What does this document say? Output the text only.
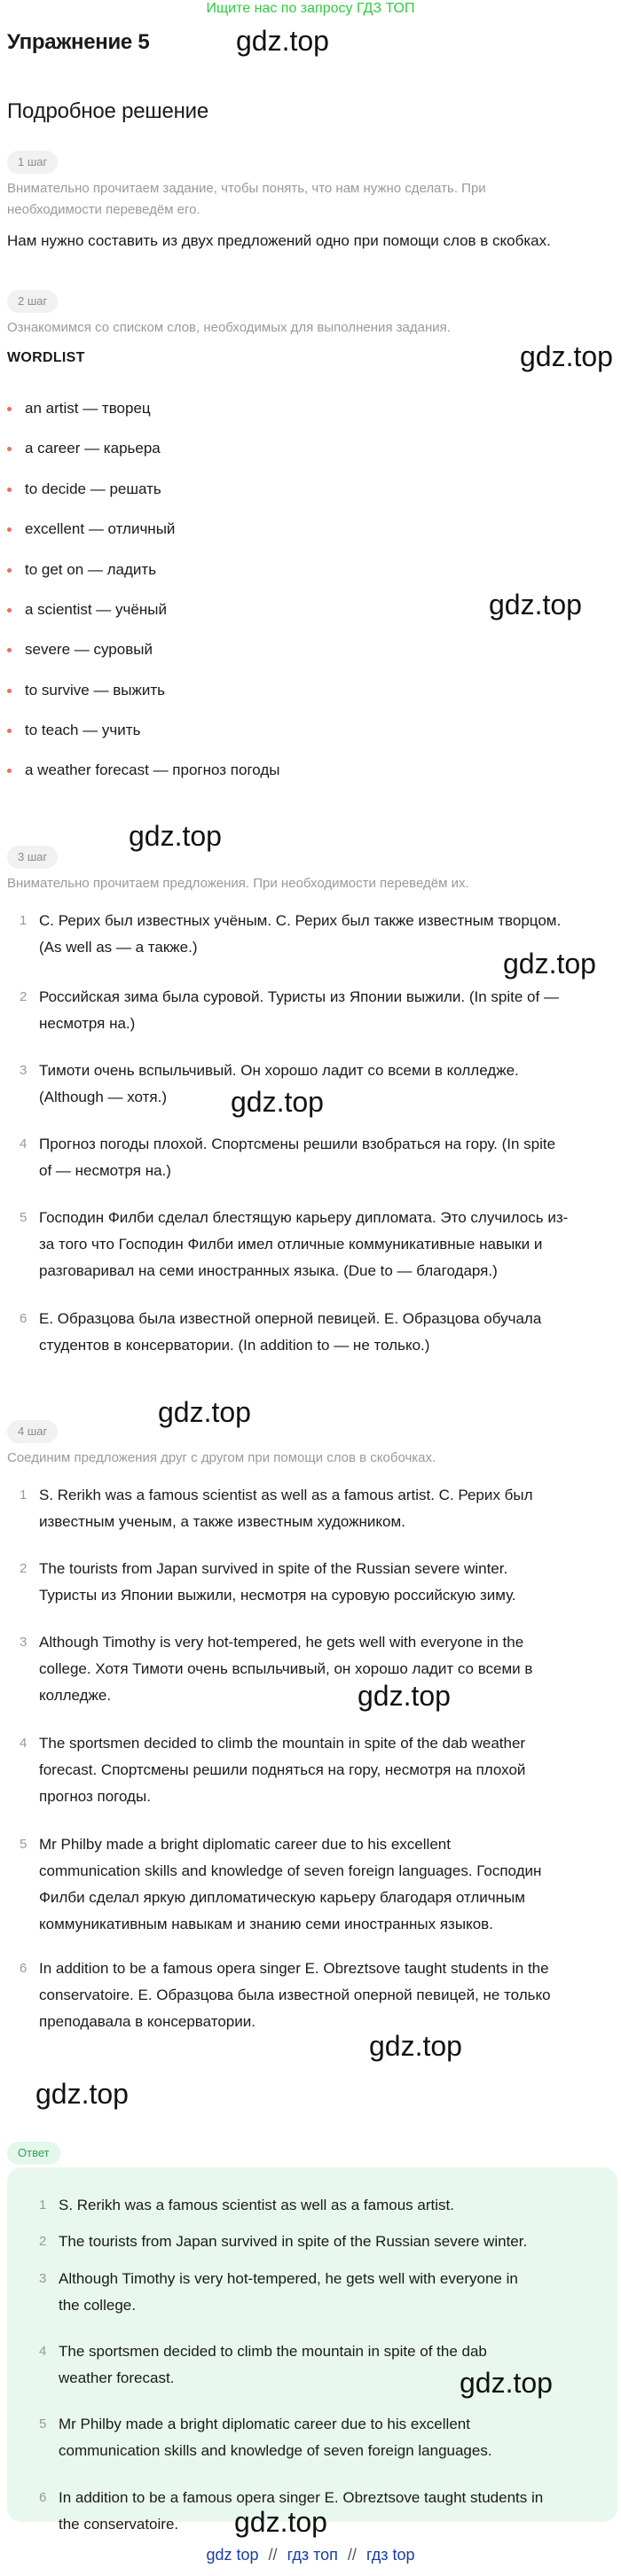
Ищите нас по запросу ГДЗ ТОП
Упражнение 5	gdz.top
Подробное решение
1 шаг
Внимательно прочитаем задание, чтобы понять, что нам нужно сделать. При
необходимости переведём его.
Нам нужно составить из двух предложений одно при помощи слов в скобках.
2 шаг
Ознакомимся со списком слов, необходимых для выполнения задания.
WORDLIST	gdz.top
an artist — творец
a career — карьера
to decide — решать
excellent — отличный
to get on — ладить
a scientist — учёный	gdz.top
severe — суровый
to survive — выжить
to teach — учить
a weather forecast — прогноз погоды
gdz.top
3 шаг
Внимательно прочитаем предложения. При необходимости переведём их.
1 С. Рерих был известных учёным. С. Рерих был также известным творцом.
(As well as — а также.)
gdz.top
2 Российская зима была суровой. Туристы из Японии выжили. (In spite of —
несмотря на.)
3 Тимоти очень вспыльчивый. Он хорошо ладит со всеми в колледже.
(Although — хотя.)	gdz.top
4 Прогноз погоды плохой. Спортсмены решили взобраться на гору. (In spite
of — несмотря на.)
5 Господин Филби сделал блестящую карьеру дипломата. Это случилось из-
за того что Господин Филби имел отличные коммуникативные навыки и
разговаривал на семи иностранных языка. (Due to — благодаря.)
6 Е. Образцова была известной оперной певицей. Е. Образцова обучала
студентов в консерватории. (In addition to — не только.)
gdz.top
4 шаг
Соединим предложения друг с другом при помощи слов в скобочках.
1 S. Rerikh was a famous scientist as well as a famous artist. С. Рерих был
известным ученым, а также известным художником.
2 The tourists from Japan survived in spite of the Russian severe winter.
Туристы из Японии выжили, несмотря на суровую российскую зиму.
3 Although Timothy is very hot-tempered, he gets well with everyone in the
college. Хотя Тимоти очень вспыльчивый, он хорошо ладит со всеми в
колледже.	gdz.top
4 The sportsmen decided to climb the mountain in spite of the dab weather
forecast. Спортсмены решили подняться на гору, несмотря на плохой
прогноз погоды.
5 Mr Philby made a bright diplomatic career due to his excellent
communication skills and knowledge of seven foreign languages. Господин
Филби сделал яркую дипломатическую карьеру благодаря отличным
коммуникативным навыкам и знанию семи иностранных языков.
6 In addition to be a famous opera singer E. Obreztsove taught students in the
conservatoire. Е. Образцова была известной оперной певицей, не только
преподавала в консерватории.
gdz.top
gdz.top
Ответ
1 S. Rerikh was a famous scientist as well as a famous artist.
2 The tourists from Japan survived in spite of the Russian severe winter.
3 Although Timothy is very hot-tempered, he gets well with everyone in
the college.
4 The sportsmen decided to climb the mountain in spite of the dab
weather forecast.	gdz.top
5 Mr Philby made a bright diplomatic career due to his excellent
communication skills and knowledge of seven foreign languages.
6 In addition to be a famous opera singer E. Obreztsove taught students in
the conservatoire.	gdz.top
gdz top // гдз топ // гдз top
